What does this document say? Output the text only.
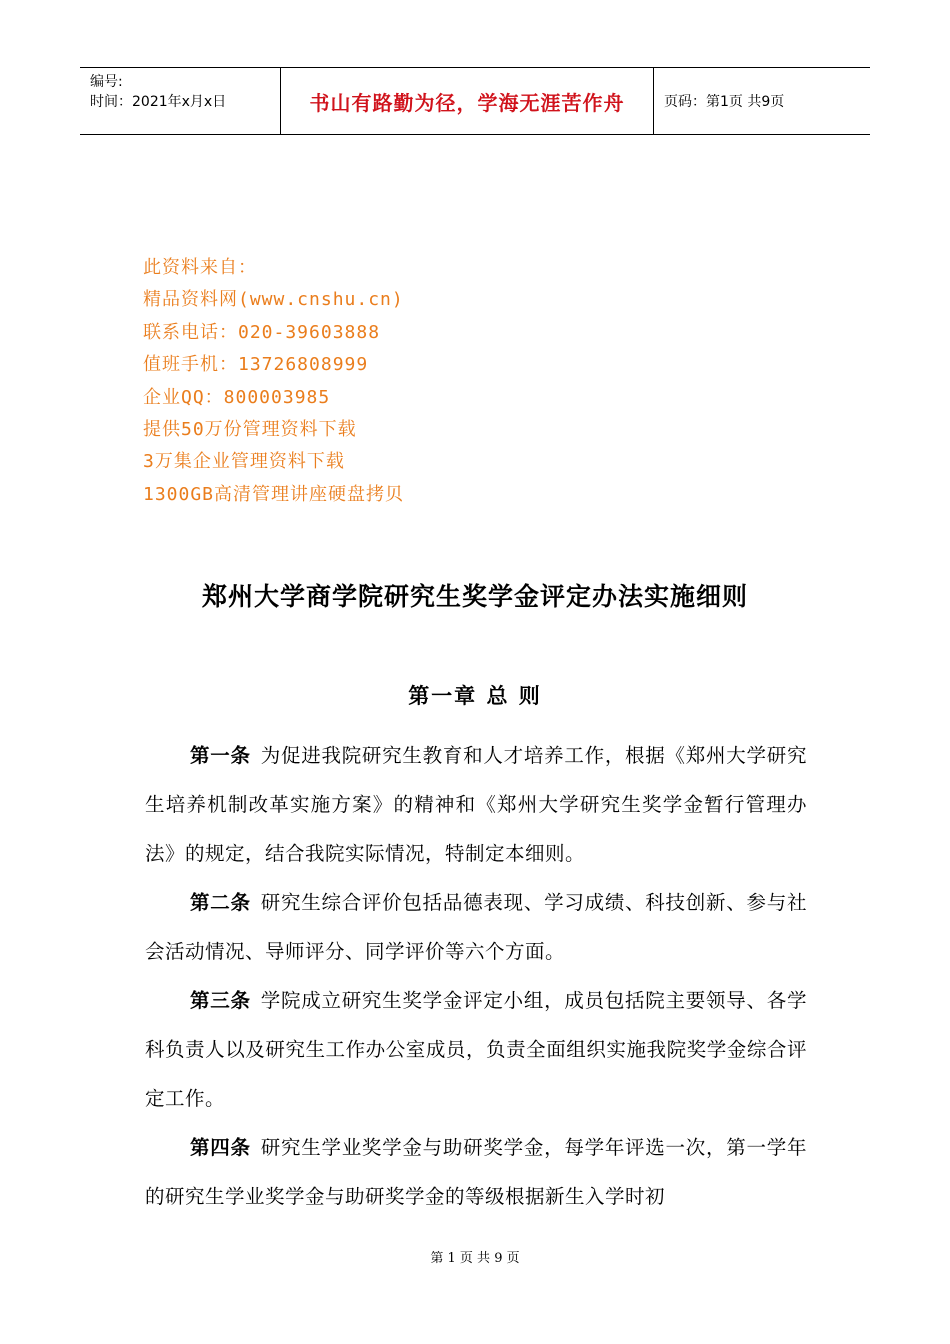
编号:
时间：2021年x月x日	书山有路勤为径，学海无涯苦作舟	页码：第1页 共9页
此资料来自：
精品资料网(www.cnshu.cn)
联系电话：020-39603888
值班手机：13726808999
企业QQ：800003985
提供50万份管理资料下载
3万集企业管理资料下载
1300GB高清管理讲座硬盘拷贝
郑州大学商学院研究生奖学金评定办法实施细则
第一章 总 则

第一条 为促进我院研究生教育和人才培养工作，根据《郑州大学研究生培养机制改革实施方案》的精神和《郑州大学研究生奖学金暂行管理办法》的规定，结合我院实际情况，特制定本细则。

第二条 研究生综合评价包括品德表现、学习成绩、科技创新、参与社会活动情况、导师评分、同学评价等六个方面。

第三条 学院成立研究生奖学金评定小组，成员包括院主要领导、各学科负责人以及研究生工作办公室成员，负责全面组织实施我院奖学金综合评定工作。

第四条 研究生学业奖学金与助研奖学金，每学年评选一次，第一学年的研究生学业奖学金与助研奖学金的等级根据新生入学时初

第 1 页 共 9 页
